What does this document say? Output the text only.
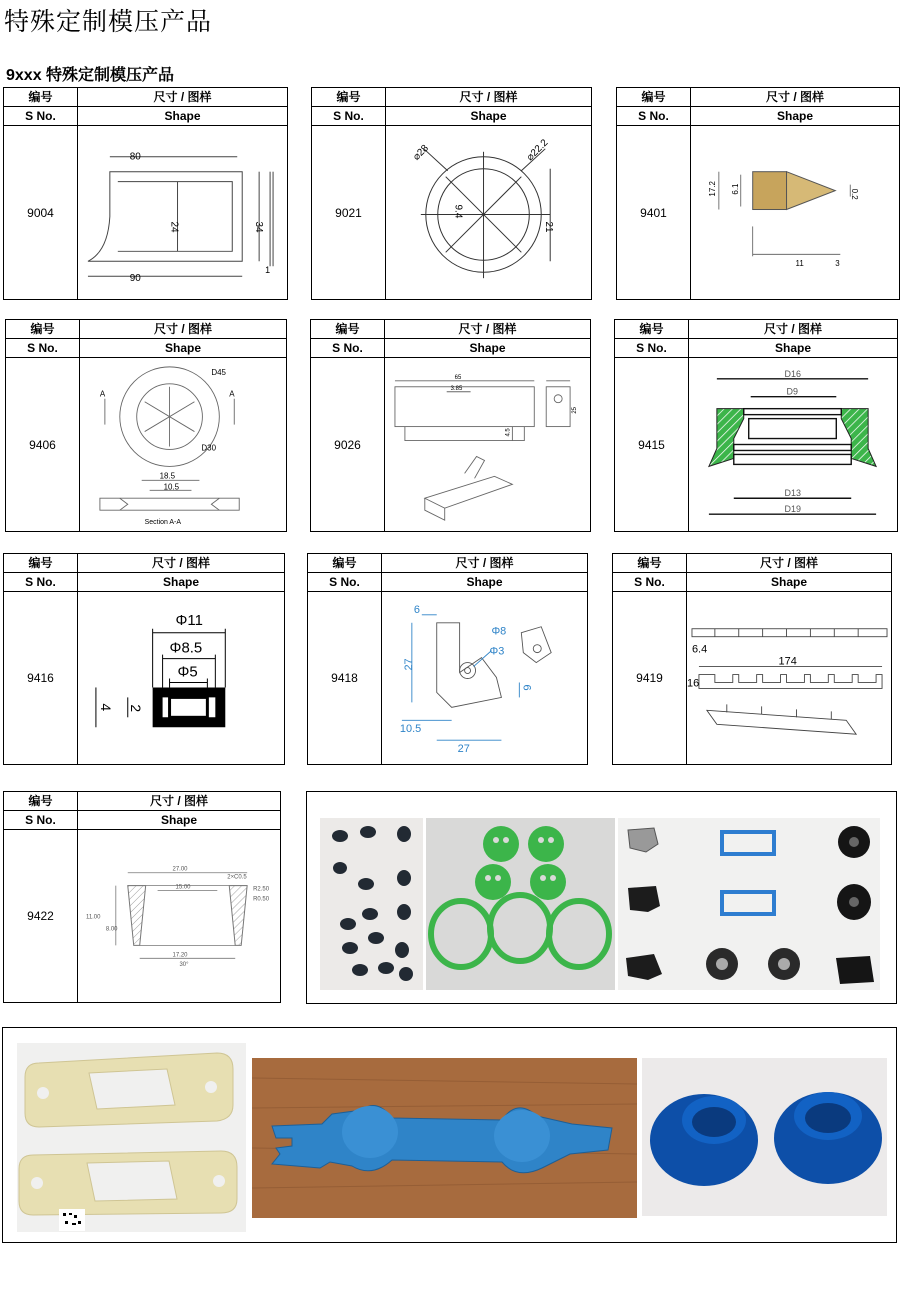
特殊定制模压产品
9xxx 特殊定制模压产品
编号	尺寸 / 图样
S No.	Shape
9004
80
24	34
90
1
编号	尺寸 / 图样
S No.	Shape
9021
⌀28	⌀22.2
9.4
21
编号	尺寸 / 图样
S No.	Shape
9401
17.2 6.1	0.2
11	3
编号	尺寸 / 图样
S No.	Shape
9406
D45
D30
18.5
10.5
Section A-A
A	A
编号	尺寸 / 图样
S No.	Shape
9026
65
3.85
4.5
25
编号	尺寸 / 图样
S No.	Shape
9415
D16
D9
D13
D19
编号	尺寸 / 图样
S No.	Shape
9416
Φ11
Φ8.5
Φ5
4 2
编号	尺寸 / 图样
S No.	Shape
9418
6
Φ8
Φ3
27
6
10.5
27
编号	尺寸 / 图样
S No.	Shape
9419
6.4
174
16
编号	尺寸 / 图样
S No.	Shape
9422
27.00
2×C0.5
15.00	R2.50
R0.50
11.00
8.00
17.20
30°
